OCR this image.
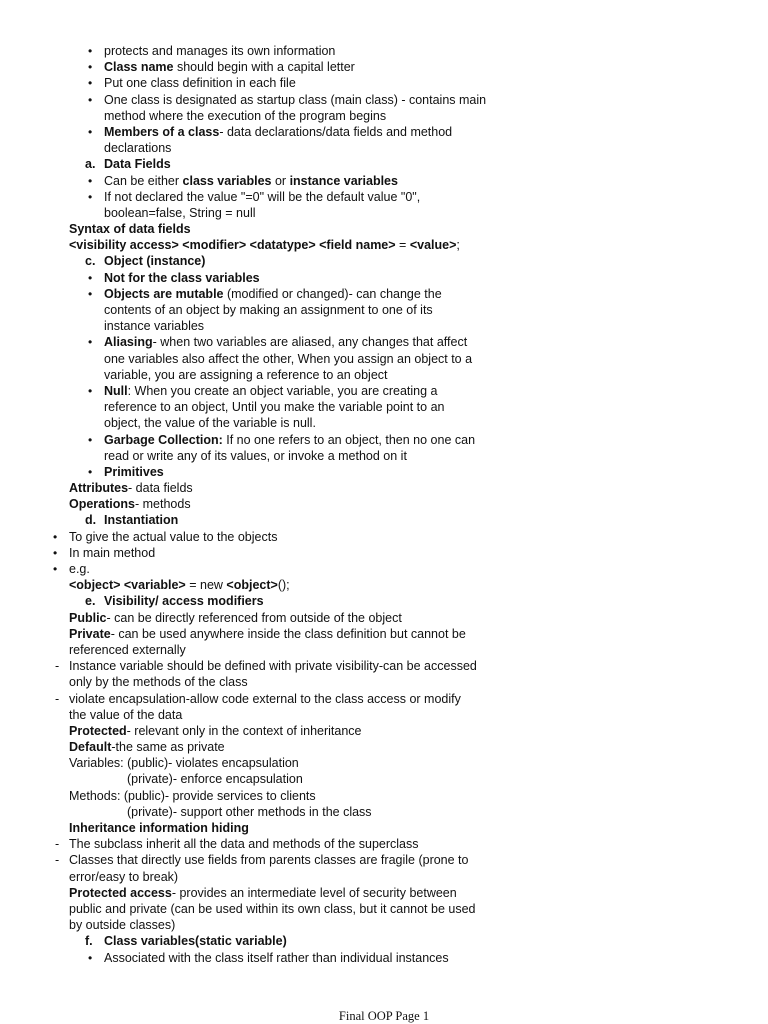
•
protects and manages its own information
•
Class name should begin with a capital letter
•
Put one class definition in each file
•
One class is designated as startup class (main class) - contains main
method where the execution of the program begins
•
Members of a class- data declarations/data fields and method
declarations
a. Data Fields
•
Can be either class variables or instance variables
•
If not declared the value "=0" will be the default value "0",
boolean=false, String = null
Syntax of data fields
<visibility access> <modifier> <datatype> <field name> = <value>;
c. Object (instance)
•
Not for the class variables
•
Objects are mutable (modified or changed)- can change the
contents of an object by making an assignment to one of its
instance variables
•
Aliasing- when two variables are aliased, any changes that affect
one variables also affect the other, When you assign an object to a
variable, you are assigning a reference to an object
•
Null: When you create an object variable, you are creating a
reference to an object, Until you make the variable point to an
object, the value of the variable is null.
•
Garbage Collection: If no one refers to an object, then no one can
read or write any of its values, or invoke a method on it
•
Primitives
Attributes- data fields
Operations- methods
d. Instantiation
•
To give the actual value to the objects
•
In main method
•
e.g.
<object> <variable> = new <object>();
e. Visibility/ access modifiers
Public- can be directly referenced from outside of the object
Private- can be used anywhere inside the class definition but cannot be
referenced externally
- Instance variable should be defined with private visibility-can be accessed
only by the methods of the class
- violate encapsulation-allow code external to the class access or modify
the value of the data
Protected- relevant only in the context of inheritance
Default-the same as private
Variables: (public)- violates encapsulation
(private)- enforce encapsulation
Methods: (public)- provide services to clients
(private)- support other methods in the class
Inheritance information hiding
- The subclass inherit all the data and methods of the superclass
- Classes that directly use fields from parents classes are fragile (prone to
error/easy to break)
Protected access- provides an intermediate level of security between
public and private (can be used within its own class, but it cannot be used
by outside classes)
f. Class variables(static variable)
•
Associated with the class itself rather than individual instances
Final OOP Page 1
